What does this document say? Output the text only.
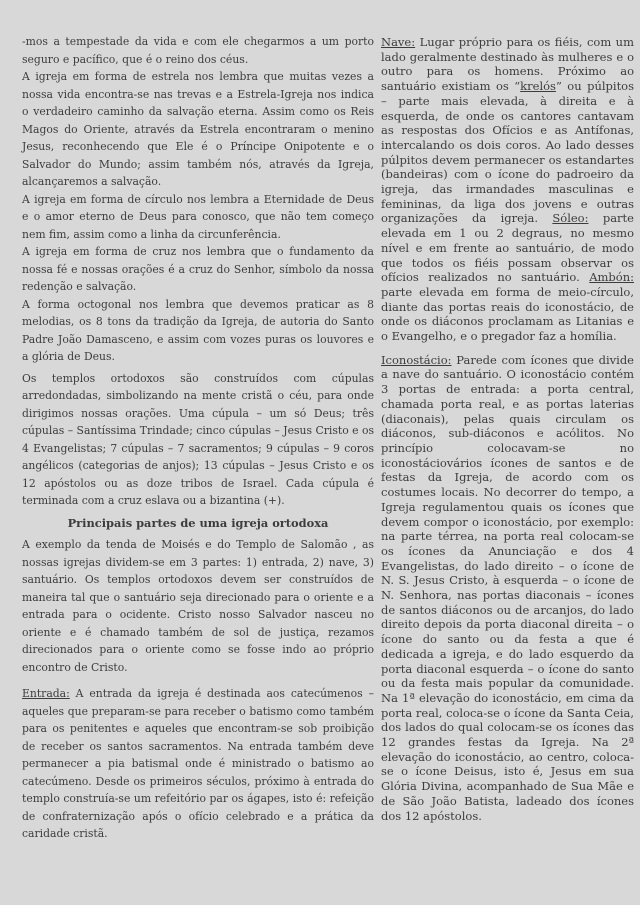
-mos a tempestade da vida e com ele chegarmos a um porto seguro e pacífico, que é o reino dos céus.

A igreja em forma de estrela nos lembra que muitas vezes a nossa vida encontra-se nas trevas e a Estrela-Igreja nos indica o verdadeiro caminho da salvação eterna. Assim como os Reis Magos do Oriente, através da Estrela encontraram o menino Jesus, reconhecendo que Ele é o Príncipe Onipotente e o Salvador do Mundo; assim também nós, através da Igreja, alcançaremos a salvação.

A igreja em forma de círculo nos lembra a Eternidade de Deus e o amor eterno de Deus para conosco, que não tem começo nem fim, assim como a linha da circunferência.

A igreja em forma de cruz nos lembra que o fundamento da nossa fé e nossas orações é a cruz do Senhor, símbolo da nossa redenção e salvação.

A forma octogonal nos lembra que devemos praticar as 8 melodias, os 8 tons da tradição da Igreja, de autoria do Santo Padre João Damasceno, e assim com vozes puras os louvores e a glória de Deus.

Os templos ortodoxos são construídos com cúpulas arredondadas, simbolizando na mente cristã o céu, para onde dirigimos nossas orações. Uma cúpula – um só Deus; três cúpulas – Santíssima Trindade; cinco cúpulas – Jesus Cristo e os 4 Evangelistas; 7 cúpulas – 7 sacramentos; 9 cúpulas – 9 coros angélicos (categorias de anjos); 13 cúpulas – Jesus Cristo e os 12 apóstolos ou as doze tribos de Israel. Cada cúpula é terminada com a cruz eslava ou a bizantina (+).

Principais partes de uma igreja ortodoxa

A exemplo da tenda de Moisés e do Templo de Salomão , as nossas igrejas dividem-se em 3 partes: 1) entrada, 2) nave, 3) santuário. Os templos ortodoxos devem ser construídos de maneira tal que o santuário seja direcionado para o oriente e a entrada para o ocidente. Cristo nosso Salvador nasceu no oriente e é chamado também de sol de justiça, rezamos direcionados para o oriente como se fosse indo ao próprio encontro de Cristo.

Entrada: A entrada da igreja é destinada aos catecúmenos – aqueles que preparam-se para receber o batismo como também para os penitentes e aqueles que encontram-se sob proibição de receber os santos sacramentos. Na entrada também deve permanecer a pia batismal onde é ministrado o batismo ao catecúmeno. Desde os primeiros séculos, próximo à entrada do templo construía-se um refeitório par os ágapes, isto é: refeição de confraternização após o ofício celebrado e a prática da caridade cristã.

Nave: Lugar próprio para os fiéis, com um lado geralmente destinado às mulheres e o outro para os homens. Próximo ao santuário existiam os “krelós” ou púlpitos – parte mais elevada, à direita e à esquerda, de onde os cantores cantavam as respostas dos Ofícios e as Antífonas, intercalando os dois coros. Ao lado desses púlpitos devem permanecer os estandartes (bandeiras) com o ícone do padroeiro da igreja, das irmandades masculinas e femininas, da liga dos jovens e outras organizações da igreja. Sóleo: parte elevada em 1 ou 2 degraus, no mesmo nível e em frente ao santuário, de modo que todos os fiéis possam observar os ofícios realizados no santuário. Ambón: parte elevada em forma de meio-círculo, diante das portas reais do iconostácio, de onde os diáconos proclamam as Litanias e o Evangelho, e o pregador faz a homília.

Iconostácio: Parede com ícones que divide a nave do santuário. O iconostácio contém 3 portas de entrada: a porta central, chamada porta real, e as portas laterias (diaconais), pelas quais circulam os diáconos, sub-diáconos e acólitos. No princípio colocavam-se no iconostáciovários ícones de santos e de festas da Igreja, de acordo com os costumes locais. No decorrer do tempo, a Igreja regulamentou quais os ícones que devem compor o iconostácio, por exemplo: na parte térrea, na porta real colocam-se os ícones da Anunciação e dos 4 Evangelistas, do lado direito – o ícone de N. S. Jesus Cristo, à esquerda – o ícone de N. Senhora, nas portas diaconais – ícones de santos diáconos ou de arcanjos, do lado direito depois da porta diaconal direita – o ícone do santo ou da festa a que é dedicada a igreja, e do lado esquerdo da porta diaconal esquerda – o ícone do santo ou da festa mais popular da comunidade. Na 1ª elevação do iconostácio, em cima da porta real, coloca-se o ícone da Santa Ceia, dos lados do qual colocam-se os ícones das 12 grandes festas da Igreja. Na 2ª elevação do iconostácio, ao centro, coloca-se o ícone Deisus, isto é, Jesus em sua Glória Divina, acompanhado de Sua Mãe e de São João Batista, ladeado dos ícones dos 12 apóstolos.
